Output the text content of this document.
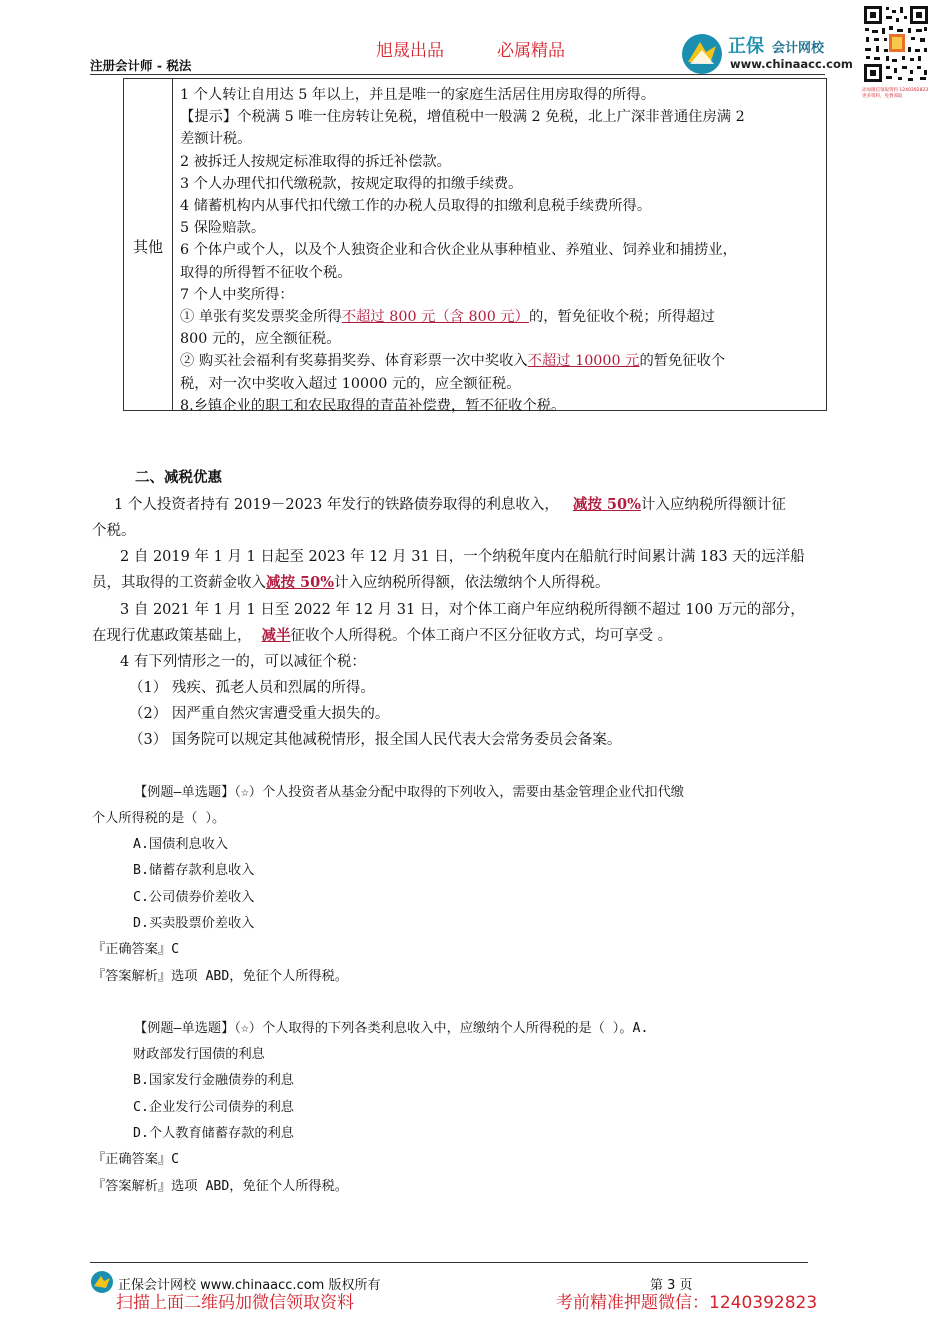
旭晟出品	必属精品
注册会计师 - 税法
正保 会计网校
www.chinaacc.com
添加微信领取资料 1240392823 更多资料，免费领取
其他
1 个人转让自用达 5 年以上，并且是唯一的家庭生活居住用房取得的所得。
【提示】个税满 5 唯一住房转让免税，增值税中一般满 2 免税，北上广深非普通住房满 2
差额计税。
2 被拆迁人按规定标准取得的拆迁补偿款。
3 个人办理代扣代缴税款，按规定取得的扣缴手续费。
4 储蓄机构内从事代扣代缴工作的办税人员取得的扣缴利息税手续费所得。
5 保险赔款。
6 个体户或个人，以及个人独资企业和合伙企业从事种植业、养殖业、饲养业和捕捞业，
取得的所得暂不征收个税。
7 个人中奖所得：
① 单张有奖发票奖金所得不超过 800 元（含 800 元）的，暂免征收个税；所得超过
800 元的，应全额征税。
② 购买社会福利有奖募捐奖券、体育彩票一次中奖收入不超过 10000 元的暂免征收个
税，对一次中奖收入超过 10000 元的，应全额征税。
8.乡镇企业的职工和农民取得的青苗补偿费，暂不征收个税。
二、减税优惠
1 个人投资者持有 2019－2023 年发行的铁路债券取得的利息收入， 减按 50%计入应纳税所得额计征
个税。
2 自 2019 年 1 月 1 日起至 2023 年 12 月 31 日，一个纳税年度内在船航行时间累计满 183 天的远洋船
员，其取得的工资薪金收入减按 50%计入应纳税所得额，依法缴纳个人所得税。
3 自 2021 年 1 月 1 日至 2022 年 12 月 31 日，对个体工商户年应纳税所得额不超过 100 万元的部分，
在现行优惠政策基础上， 减半征收个人所得税。个体工商户不区分征收方式，均可享受 。
4 有下列情形之一的，可以减征个税：
（1） 残疾、孤老人员和烈属的所得。
（2） 因严重自然灾害遭受重大损失的。
（3） 国务院可以规定其他减税情形，报全国人民代表大会常务委员会备案。
【例题—单选题】（☆）个人投资者从基金分配中取得的下列收入，需要由基金管理企业代扣代缴
个人所得税的是（ ）。
A.国债利息收入
B.储蓄存款利息收入
C.公司债券价差收入
D.买卖股票价差收入
『正确答案』C
『答案解析』选项 ABD，免征个人所得税。
【例题—单选题】（☆）个人取得的下列各类利息收入中，应缴纳个人所得税的是（ ）。A.
财政部发行国债的利息
B.国家发行金融债券的利息
C.企业发行公司债券的利息
D.个人教育储蓄存款的利息
『正确答案』C
『答案解析』选项 ABD，免征个人所得税。
正保会计网校 www.chinaacc.com 版权所有	第 3 页
扫描上面二维码加微信领取资料	考前精准押题微信：1240392823
